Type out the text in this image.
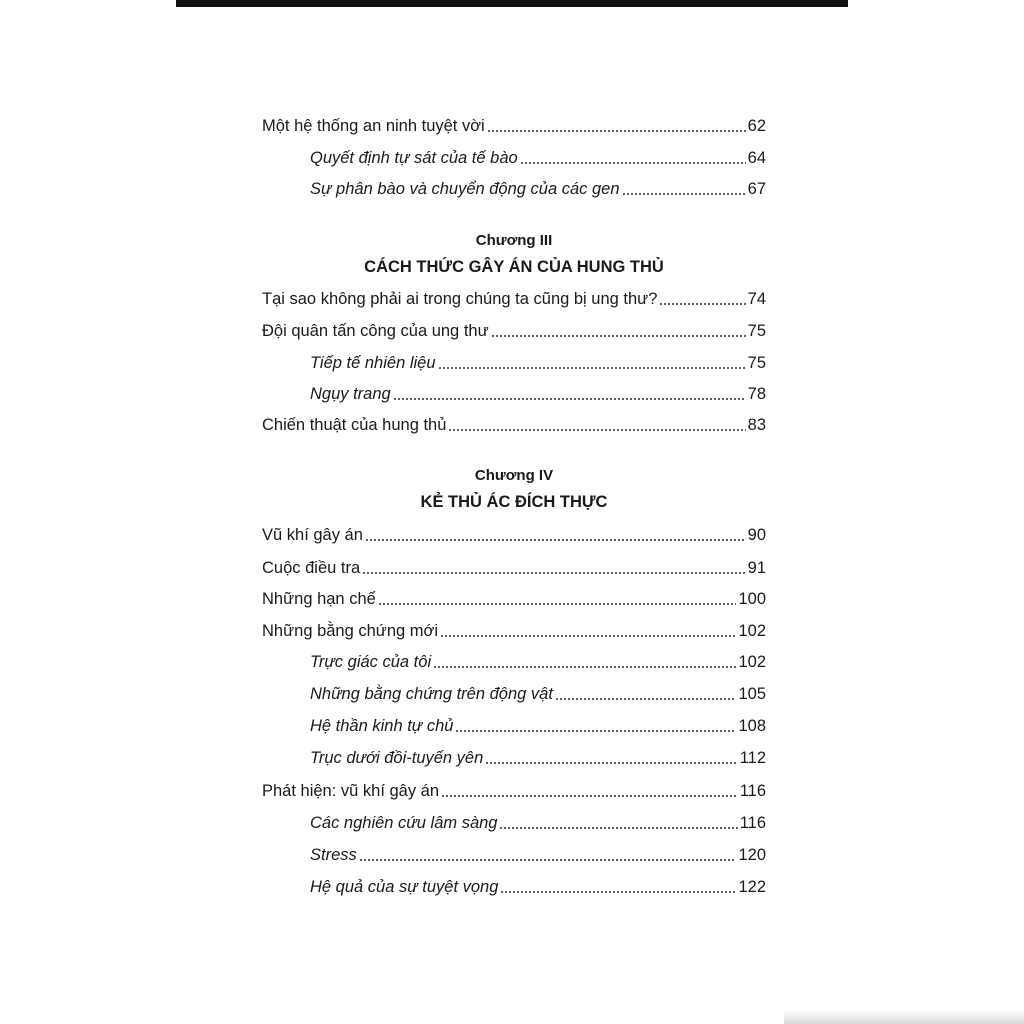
Một hệ thống an ninh tuyệt vời	62
Quyết định tự sát của tế bào	64
Sự phân bào và chuyển động của các gen	67
Chương III
CÁCH THỨC GÂY ÁN CỦA HUNG THỦ
Tại sao không phải ai trong chúng ta cũng bị ung thư?	74
Đội quân tấn công của ung thư	75
Tiếp tế nhiên liệu	75
Ngụy trang	78
Chiến thuật của hung thủ	83
Chương IV
KẺ THỦ ÁC ĐÍCH THỰC
Vũ khí gây án	90
Cuộc điều tra	91
Những hạn chế	100
Những bằng chứng mới	102
Trực giác của tôi	102
Những bằng chứng trên động vật	105
Hệ thần kinh tự chủ	108
Trục dưới đồi-tuyến yên	112
Phát hiện: vũ khí gây án	116
Các nghiên cứu lâm sàng	116
Stress	120
Hệ quả của sự tuyệt vọng	122
